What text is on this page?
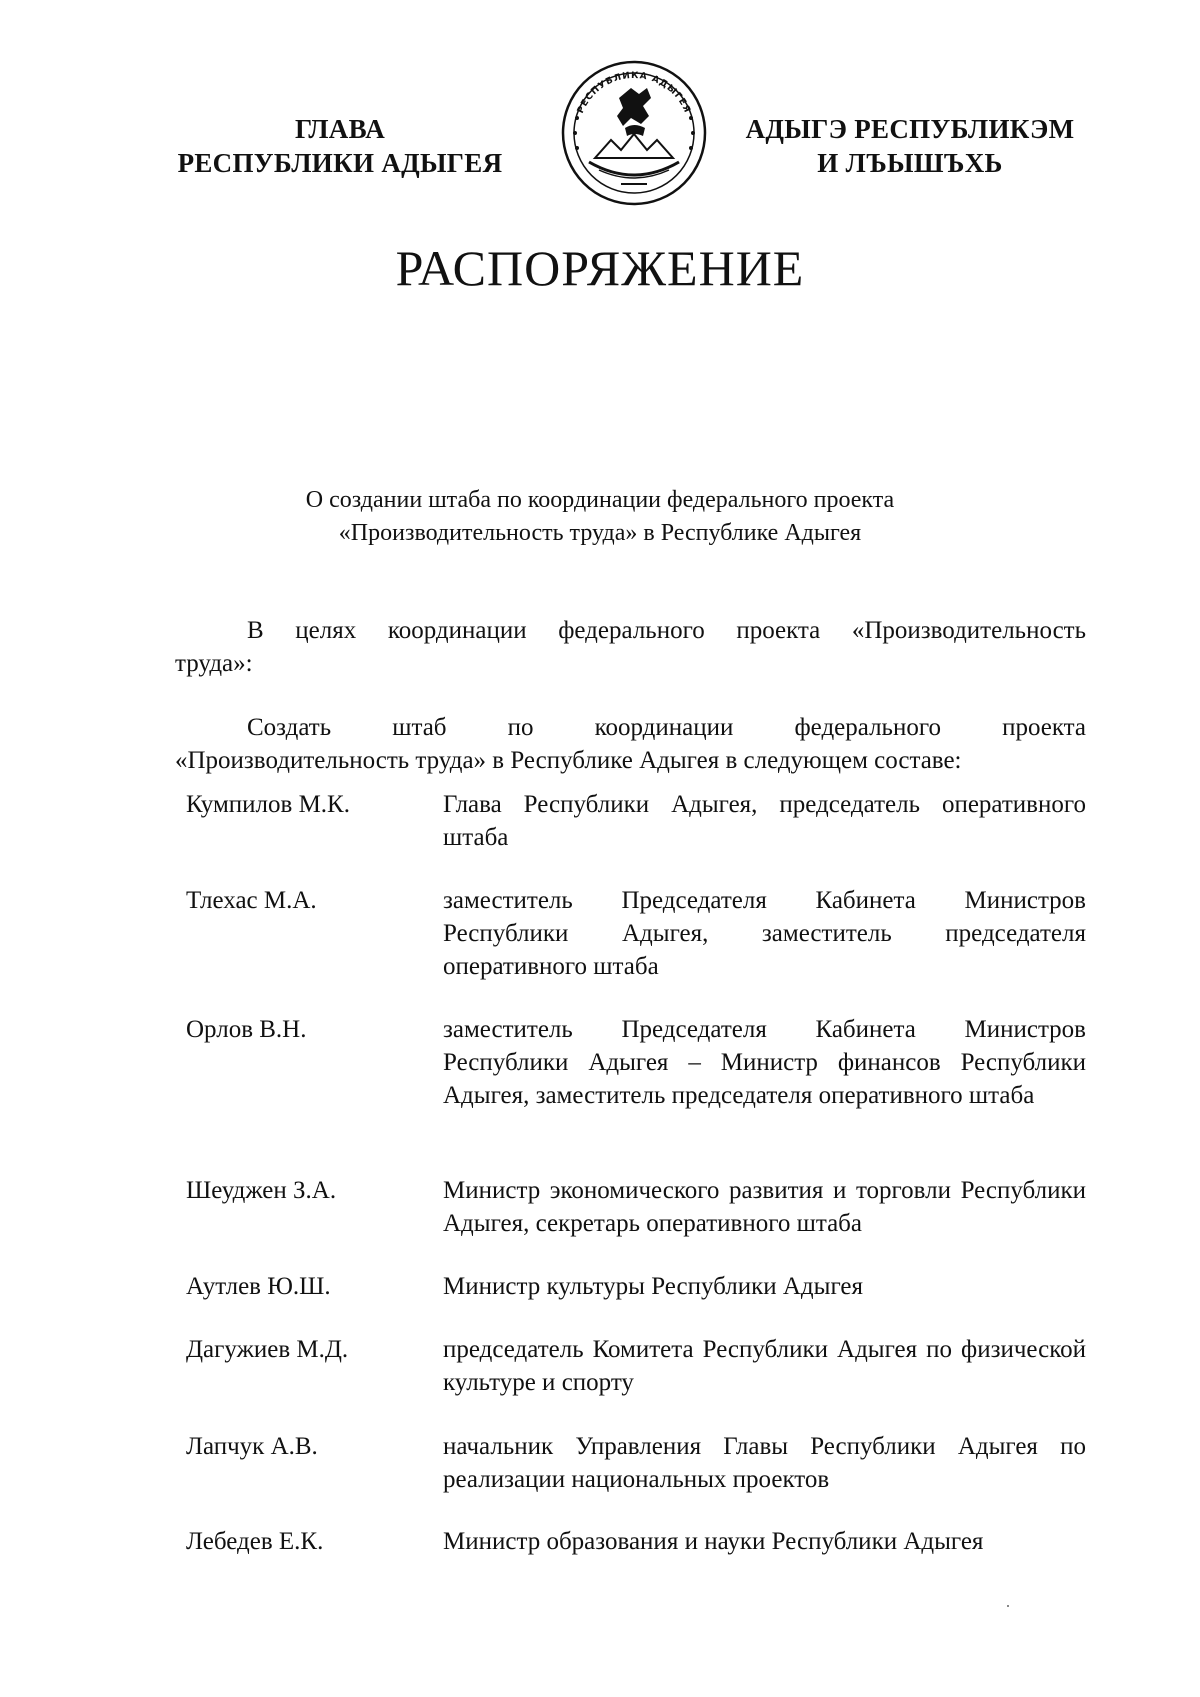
ГЛАВА
РЕСПУБЛИКИ АДЫГЕЯ
РЕСПУБЛИКА АДЫГЕЯ
АДЫГЭ РЕСПУБЛИКЭМ
И ЛЪЫШЪХЬ
РАСПОРЯЖЕНИЕ
О создании штаба по координации федерального проекта
«Производительность труда» в Республике Адыгея
В целях координации федерального проекта «Производительность
труда»:
Создать штаб по координации федерального проекта
«Производительность труда» в Республике Адыгея в следующем составе:
Кумпилов М.К.	Глава Республики Адыгея, председатель оперативного штаба
Тлехас М.А.	заместитель Председателя Кабинета Министров Республики Адыгея, заместитель председателя оперативного штаба
Орлов В.Н.	заместитель Председателя Кабинета Министров Республики Адыгея – Министр финансов Республики Адыгея, заместитель председателя оперативного штаба
Шеуджен З.А.	Министр экономического развития и торговли Республики Адыгея, секретарь оперативного штаба
Аутлев Ю.Ш.	Министр культуры Республики Адыгея
Дагужиев М.Д.	председатель Комитета Республики Адыгея по физической культуре и спорту
Лапчук А.В.	начальник Управления Главы Республики Адыгея по реализации национальных проектов
Лебедев Е.К.	Министр образования и науки Республики Адыгея
